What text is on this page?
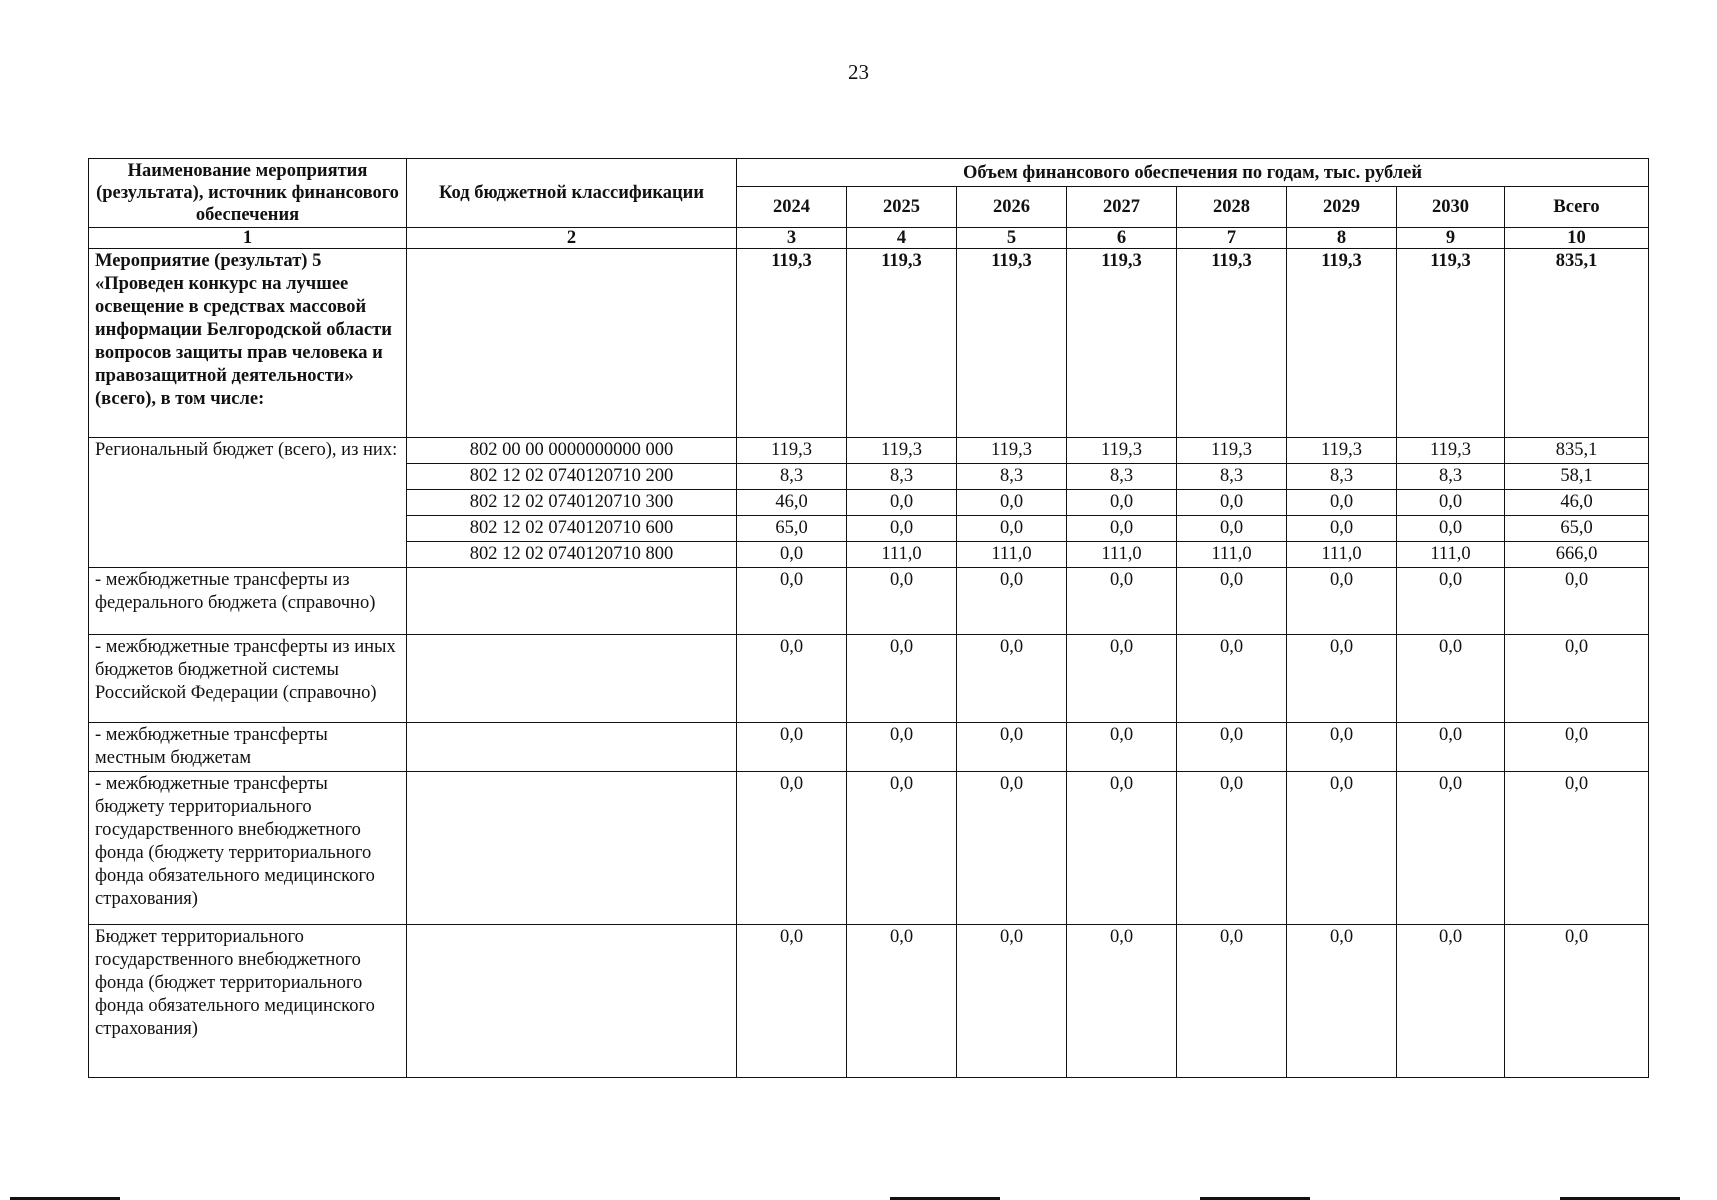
23
Наименование мероприятия (результата), источник финансового обеспечения	Код бюджетной классификации	Объем финансового обеспечения по годам, тыс. рублей							
		2024	2025	2026	2027	2028	2029	2030	Всего
1	2	3	4	5	6	7	8	9	10
Мероприятие (результат) 5 «Проведен конкурс на лучшее освещение в средствах массовой информации Белгородской области вопросов защиты прав человека и правозащитной деятельности» (всего), в том числе:		119,3	119,3	119,3	119,3	119,3	119,3	119,3	835,1
Региональный бюджет (всего), из них:	802 00 00 0000000000 000	119,3	119,3	119,3	119,3	119,3	119,3	119,3	835,1
	802 12 02 0740120710 200	8,3	8,3	8,3	8,3	8,3	8,3	8,3	58,1
	802 12 02 0740120710 300	46,0	0,0	0,0	0,0	0,0	0,0	0,0	46,0
	802 12 02 0740120710 600	65,0	0,0	0,0	0,0	0,0	0,0	0,0	65,0
	802 12 02 0740120710 800	0,0	111,0	111,0	111,0	111,0	111,0	111,0	666,0
- межбюджетные трансферты из федерального бюджета (справочно)		0,0	0,0	0,0	0,0	0,0	0,0	0,0	0,0
- межбюджетные трансферты из иных бюджетов бюджетной системы Российской Федерации (справочно)		0,0	0,0	0,0	0,0	0,0	0,0	0,0	0,0
- межбюджетные трансферты местным бюджетам		0,0	0,0	0,0	0,0	0,0	0,0	0,0	0,0
- межбюджетные трансферты бюджету территориального государственного внебюджетного фонда (бюджету территориального фонда обязательного медицинского страхования)		0,0	0,0	0,0	0,0	0,0	0,0	0,0	0,0
Бюджет территориального государственного внебюджетного фонда (бюджет территориального фонда обязательного медицинского страхования)		0,0	0,0	0,0	0,0	0,0	0,0	0,0	0,0
